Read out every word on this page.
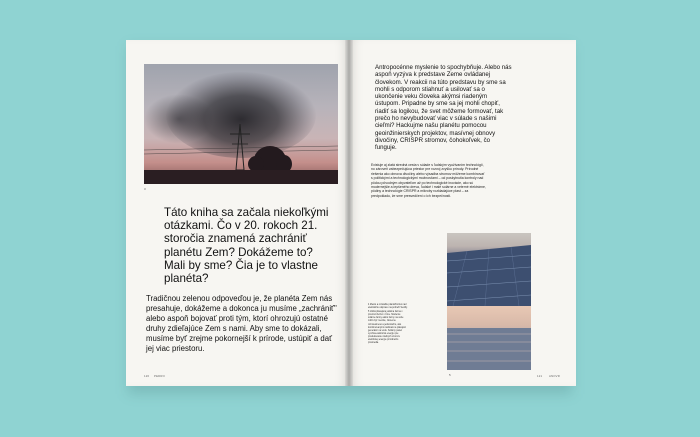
3
Táto kniha sa začala niekoľkými otázkami. Čo v 20. rokoch 21. storočia znamená zachrániť planétu Zem? Dokážeme to? Mali by sme? Čia je to vlastne planéta?
Tradičnou zelenou odpoveďou je, že planéta Zem nás presahuje, dokážeme a dokonca ju musíme „zachrániť" alebo aspoň bojovať proti tým, ktorí ohrozujú ostatné druhy zdieľajúce Zem s nami. Aby sme to dokázali, musíme byť zrejme pokornejší k prírode, ustúpiť a dať jej viac priestoru.
120 PEDRO
Antropocénne myslenie to spochybňuje. Alebo nás aspoň vyzýva k predstave Zeme ovládanej človekom. V reakcii na túto predstavu by sme sa mohli s odporom stiahnuť a usilovať sa o ukončenie veku človeka akýmsi riadeným ústupom. Pripadne by sme sa jej mohli chopiť, riadiť sa logikou, že svet môžeme formovať, tak prečo ho nevybudovať viac v súlade s našimi cieľmi? Hackujme našu planétu pomocou geoinžinierskych projektov, masívnej obnovy divočiny, CRISPR stromov, čohokoľvek, čo funguje.
Existuje aj zlatá stredná cesta v súlade s ľudským využívaním technológií, no zároveň zabezpečujúca priestor pre rozvoj zvyšku prírody. Prírodné riešenia ako obnova divočiny alebo výsadba stromov môžeme kombinovať s politickými a technologickými možnosťami – od poskytnutia kontroly nad pôdou pôvodným obyvateľom až po technologické inovácie, ako sú modernejšie a lepšeného dreva, ľudské i malé solárne a veterné elektrárne, pôdiny a technológie CRISPR a mikroby rozkladajúce plast – za predpokladu, že sme presvedčení o ich bezpečnosti.

4 Mesto a rozsiahle plantážnictvo nad elektrárňou dopravu na pobreží Sevilly.

5 Veľká plávajúca solárna farma v provincii Anhui v Číne. Moderné solárne farmy alebo farmy na vode môžu byť menšie, zámerne rozmiestnené a jednoduché, ako kombinovanými rastlinami a plávajúci generátor na vodu. Solárny panel využíva elektrickú energiu pre produkovanie všetkých vzorcov elektrickej energie prírodného prostredia.

5	121 ANOVR
